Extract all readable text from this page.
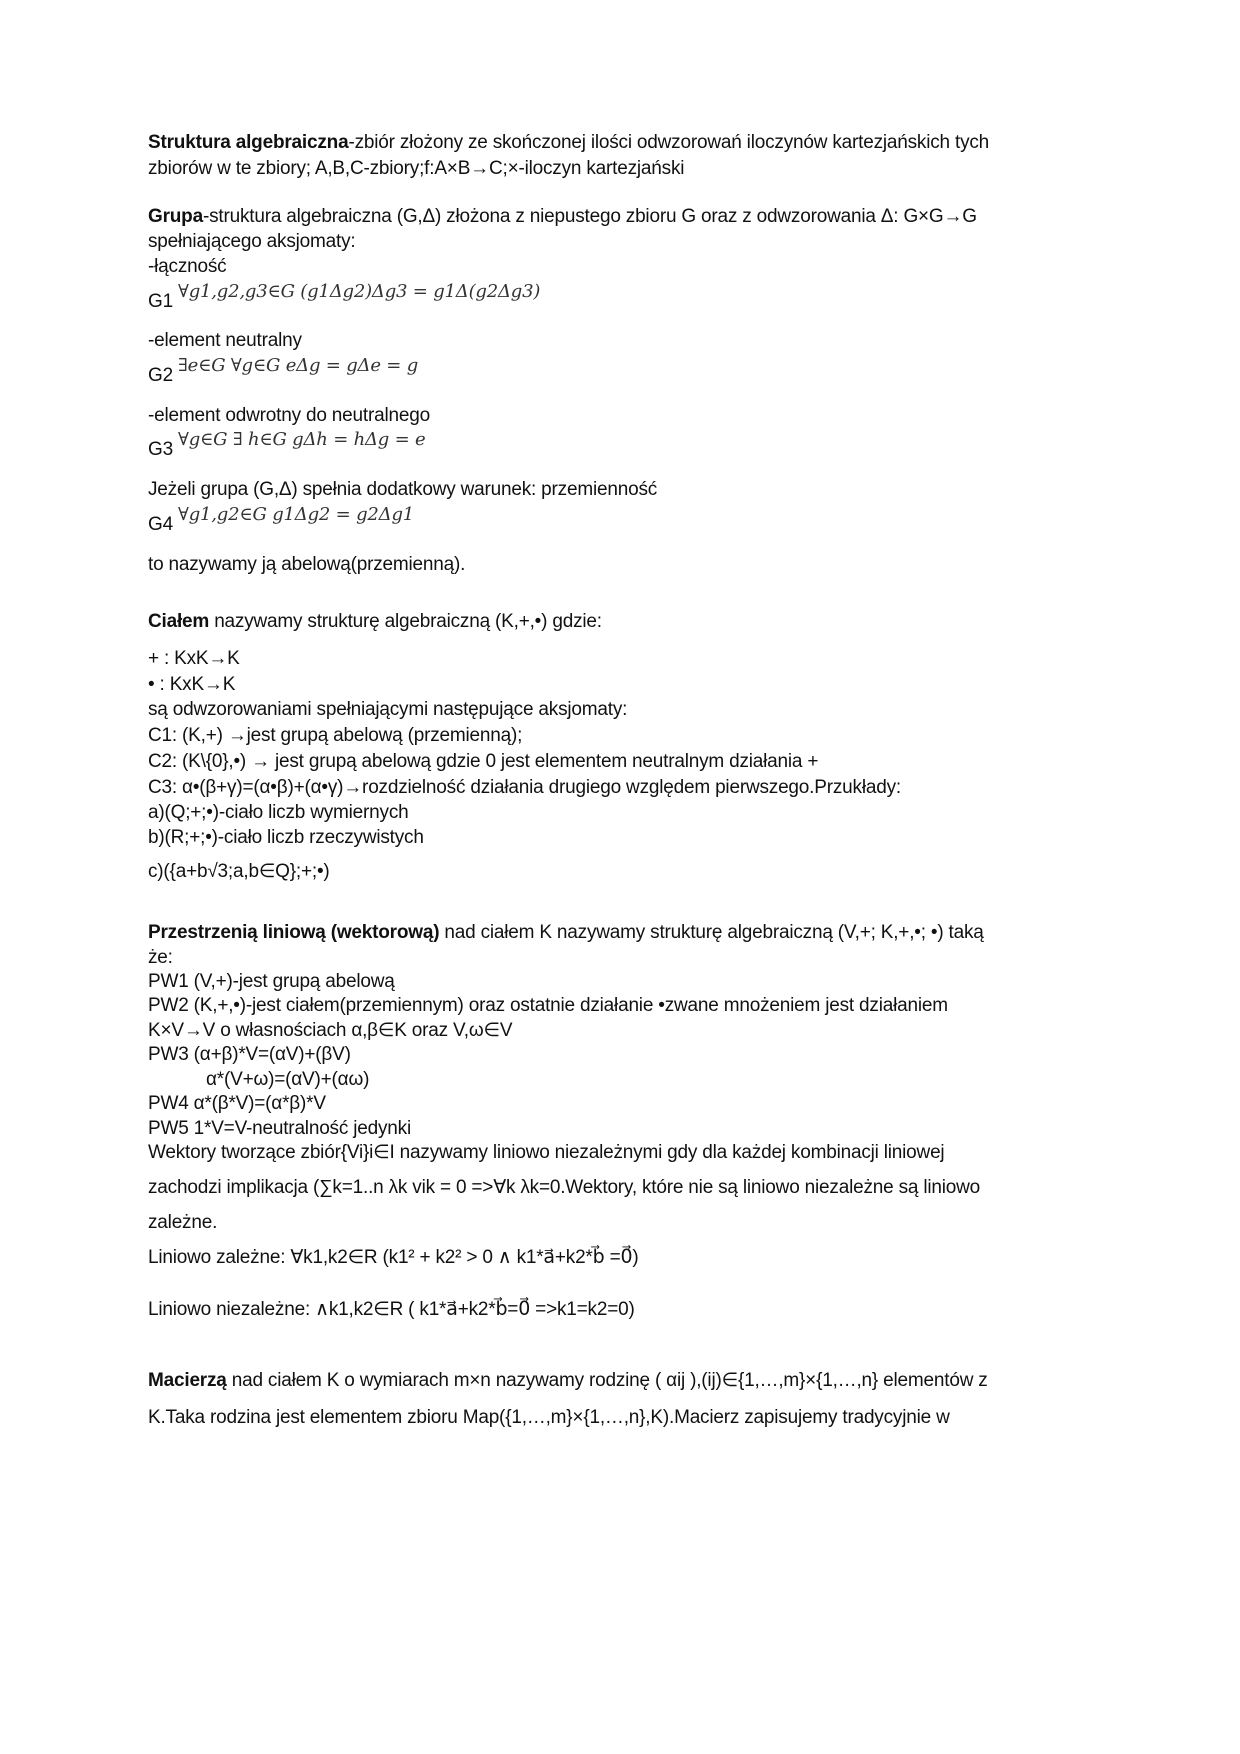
Struktura algebraiczna-zbiór złożony ze skończonej ilości odwzorowań iloczynów kartezjańskich tych
zbiorów w te zbiory; A,B,C-zbiory;f:A×B→C;×-iloczyn kartezjański
Grupa-struktura algebraiczna (G,Δ) złożona z niepustego zbioru G oraz z odwzorowania Δ: G×G→G
spełniającego aksjomaty:
-łączność
G1 ∀g1,g2,g3∈G (g1Δg2)Δg3 = g1Δ(g2Δg3)
-element neutralny
G2 ∃e∈G ∀g∈G eΔg = gΔe = g
-element odwrotny do neutralnego
G3 ∀g∈G ∃ h∈G gΔh = hΔg = e
Jeżeli grupa (G,Δ) spełnia dodatkowy warunek: przemienność
G4 ∀g1,g2∈G g1Δg2 = g2Δg1
to nazywamy ją abelową(przemienną).
Ciałem nazywamy strukturę algebraiczną (K,+,•) gdzie:
+ : KxK→K
• : KxK→K
są odwzorowaniami spełniającymi następujące aksjomaty:
C1: (K,+) →jest grupą abelową (przemienną);
C2: (K\{0},•) → jest grupą abelową gdzie 0 jest elementem neutralnym działania +
C3: α•(β+γ)=(α•β)+(α•γ)→rozdzielność działania drugiego względem pierwszego.Przukłady:
a)(Q;+;•)-ciało liczb wymiernych
b)(R;+;•)-ciało liczb rzeczywistych
c)({a+b√3;a,b∈Q};+;•)
Przestrzenią liniową (wektorową) nad ciałem K nazywamy strukturę algebraiczną (V,+; K,+,•; •) taką
że:
PW1 (V,+)-jest grupą abelową
PW2 (K,+,•)-jest ciałem(przemiennym) oraz ostatnie działanie •zwane mnożeniem jest działaniem
K×V→V o własnościach α,β∈K oraz V,ω∈V
PW3 (α+β)*V=(αV)+(βV)
α*(V+ω)=(αV)+(αω)
PW4 α*(β*V)=(α*β)*V
PW5 1*V=V-neutralność jedynki
Wektory tworzące zbiór{Vi}i∈I nazywamy liniowo niezależnymi gdy dla każdej kombinacji liniowej
zachodzi implikacja (∑k=1..n λk vik = 0 =>∀k λk=0.Wektory, które nie są liniowo niezależne są liniowo
zależne.
Liniowo zależne: ∀k1,k2∈R (k1² + k2² > 0 ∧ k1*a⃗+k2*b⃗ =0⃗)
Liniowo niezależne: ∧k1,k2∈R ( k1*a⃗+k2*b⃗=0⃗ =>k1=k2=0)
Macierzą nad ciałem K o wymiarach m×n nazywamy rodzinę ( αij ),(ij)∈{1,…,m}×{1,…,n} elementów z
K.Taka rodzina jest elementem zbioru Map({1,…,m}×{1,…,n},K).Macierz zapisujemy tradycyjnie w
